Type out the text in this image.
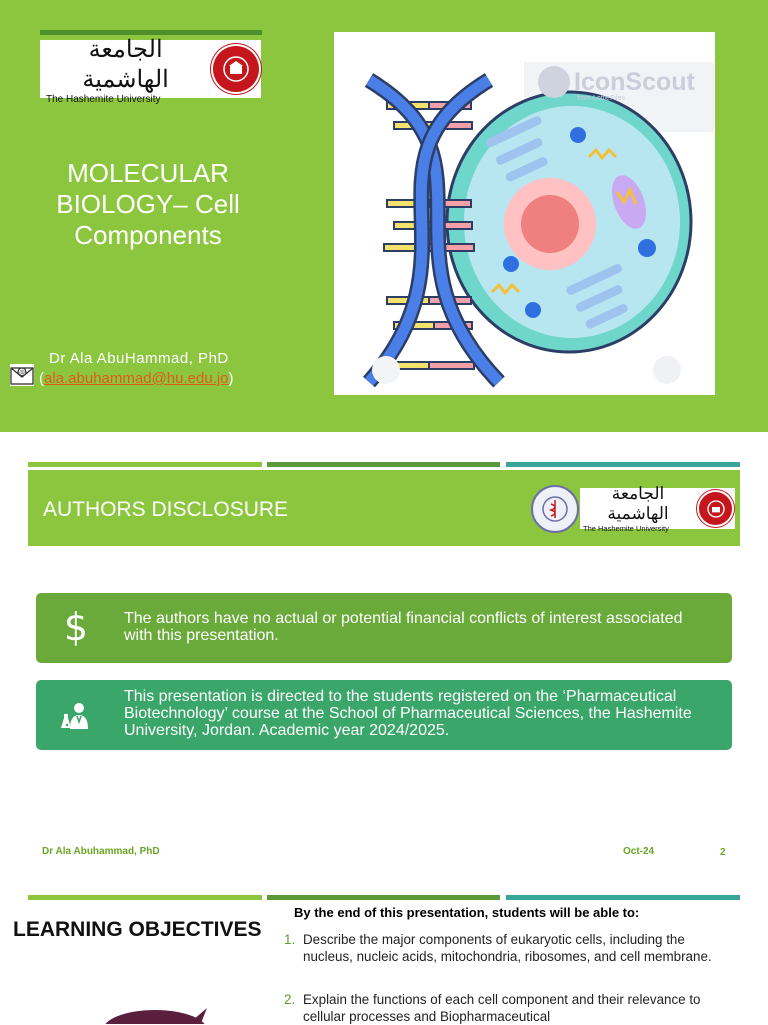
الجامعة الهاشمية
The Hashemite University
MOLECULAR BIOLOGY– Cell Components
@
Dr Ala AbuHammad, PhD
(ala.abuhammad@hu.edu.jo)
IconScout
from LottieFiles
AUTHORS DISCLOSURE
الجامعة الهاشمية
The Hashemite University
$ The authors have no actual or potential financial conflicts of interest associated with this presentation.
This presentation is directed to the students registered on the ‘Pharmaceutical Biotechnology’ course at the School of Pharmaceutical Sciences, the Hashemite University, Jordan. Academic year 2024/2025.
Dr Ala Abuhammad, PhD	Oct-24	2
LEARNING OBJECTIVES
By the end of this presentation, students will be able to:
1. Describe the major components of eukaryotic cells, including the nucleus, nucleic acids, mitochondria, ribosomes, and cell membrane.
2. Explain the functions of each cell component and their relevance to cellular processes and Biopharmaceutical
